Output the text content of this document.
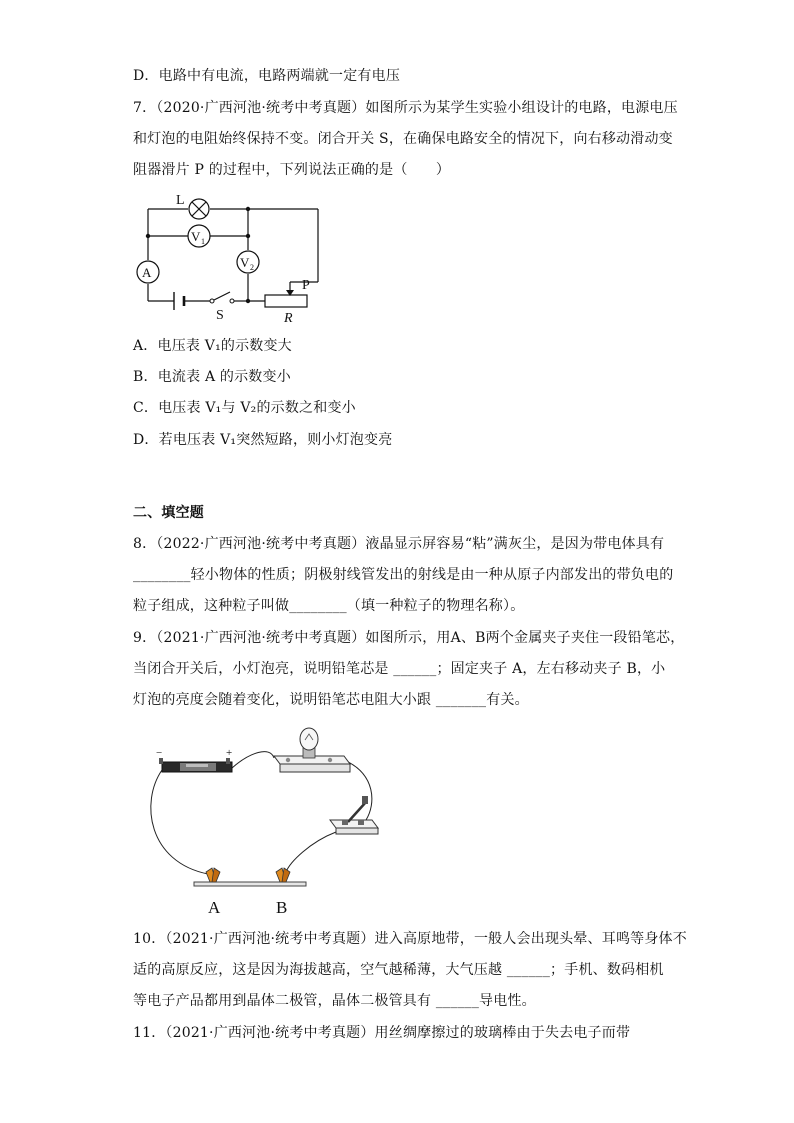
D．电路中有电流，电路两端就一定有电压
7．（2020·广西河池·统考中考真题）如图所示为某学生实验小组设计的电路，电源电压
和灯泡的电阻始终保持不变。闭合开关 S，在确保电路安全的情况下，向右移动滑动变
阻器滑片 P 的过程中，下列说法正确的是（　　）
V 1
A
V 2
L
S
P
R
A．电压表 V₁的示数变大
B．电流表 A 的示数变小
C．电压表 V₁与 V₂的示数之和变小
D．若电压表 V₁突然短路，则小灯泡变亮
二、填空题
8．（2022·广西河池·统考中考真题）液晶显示屏容易“粘”满灰尘，是因为带电体具有
________轻小物体的性质；阴极射线管发出的射线是由一种从原子内部发出的带负电的
粒子组成，这种粒子叫做________（填一种粒子的物理名称）。
9．（2021·广西河池·统考中考真题）如图所示，用A、B两个金属夹子夹住一段铅笔芯，
当闭合开关后，小灯泡亮，说明铅笔芯是 ______；固定夹子 A，左右移动夹子 B，小
灯泡的亮度会随着变化，说明铅笔芯电阻大小跟 _______有关。
−	+
A	B
10．（2021·广西河池·统考中考真题）进入高原地带，一般人会出现头晕、耳鸣等身体不
适的高原反应，这是因为海拔越高，空气越稀薄，大气压越 ______；手机、数码相机
等电子产品都用到晶体二极管，晶体二极管具有 ______导电性。
11．（2021·广西河池·统考中考真题）用丝绸摩擦过的玻璃棒由于失去电子而带
